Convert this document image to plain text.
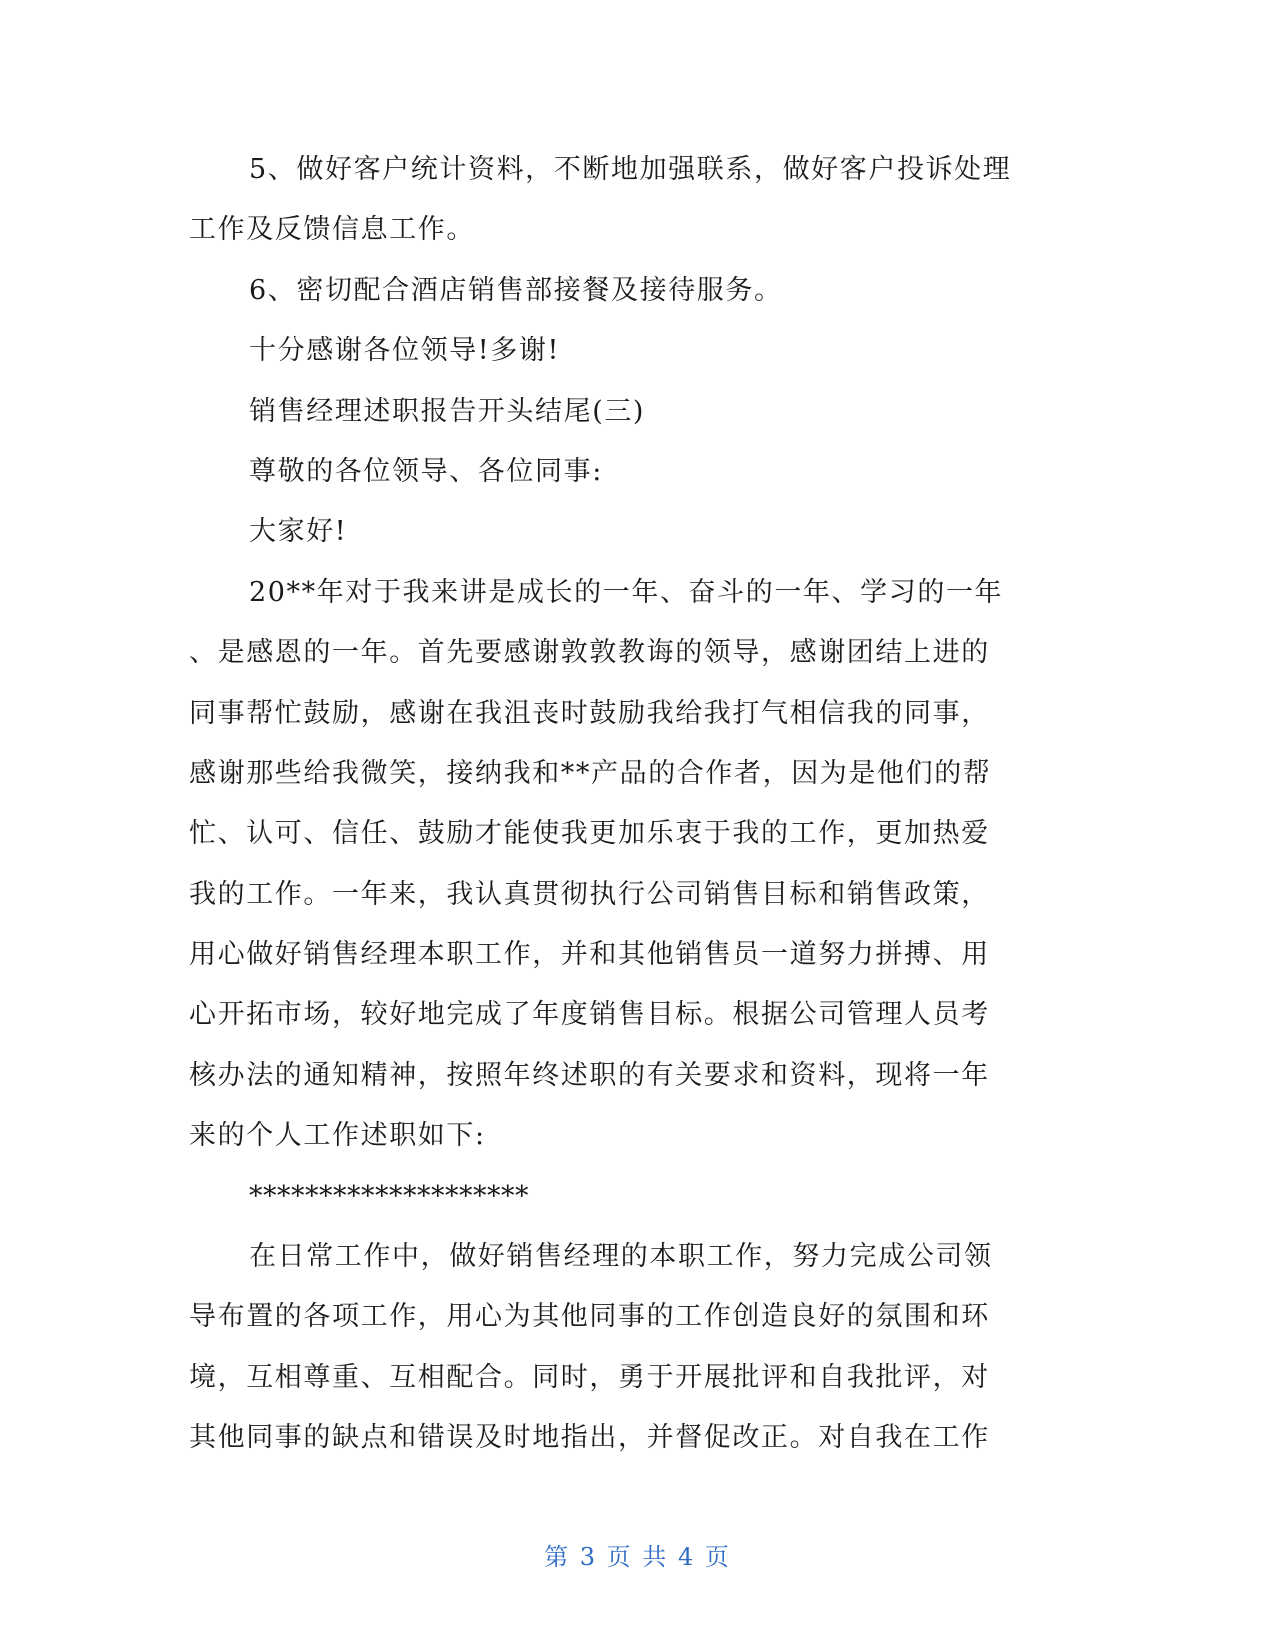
5、做好客户统计资料，不断地加强联系，做好客户投诉处理
工作及反馈信息工作。
6、密切配合酒店销售部接餐及接待服务。
十分感谢各位领导!多谢!
销售经理述职报告开头结尾(三)
尊敬的各位领导、各位同事:
大家好!
20**年对于我来讲是成长的一年、奋斗的一年、学习的一年
、是感恩的一年。首先要感谢敦敦教诲的领导，感谢团结上进的
同事帮忙鼓励，感谢在我沮丧时鼓励我给我打气相信我的同事，
感谢那些给我微笑，接纳我和**产品的合作者，因为是他们的帮
忙、认可、信任、鼓励才能使我更加乐衷于我的工作，更加热爱
我的工作。一年来，我认真贯彻执行公司销售目标和销售政策，
用心做好销售经理本职工作，并和其他销售员一道努力拼搏、用
心开拓市场，较好地完成了年度销售目标。根据公司管理人员考
核办法的通知精神，按照年终述职的有关要求和资料，现将一年
来的个人工作述职如下:
********************
在日常工作中，做好销售经理的本职工作，努力完成公司领
导布置的各项工作，用心为其他同事的工作创造良好的氛围和环
境，互相尊重、互相配合。同时，勇于开展批评和自我批评，对
其他同事的缺点和错误及时地指出，并督促改正。对自我在工作
第 3 页 共 4 页
